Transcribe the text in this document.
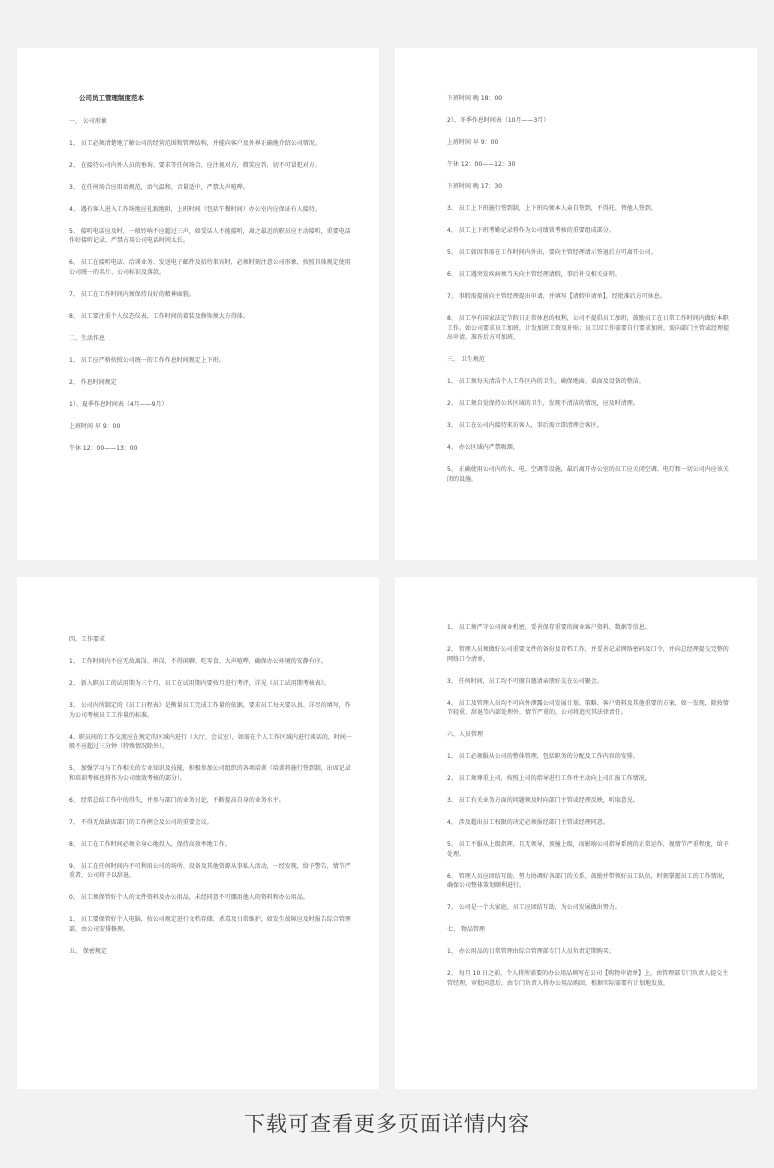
公司员工管理制度范本
一、 公司形象
1、 员工必须清楚地了解公司的经营范围和管理结构，并能向客户及外界正确地介绍公司情况。
2、 在接待公司内外人员的垂询、要求等任何场合，应注视对方，微笑应答，切不可冒犯对方。
3、 在任何场合应用语规范，语气温和，音量适中，严禁大声喧哗。
4、 遇有客人进入工作场地应礼貌地阻，上班时间（包括午餐时间）办公室内应保证有人接待。
5、 接听电话应及时，一般铃响不应超过三声，如受话人不能接听，离之最近的职员应主动接听，重要电话作好接听记录，严禁占用公司电话时间太长。
6、 员工在接听电话、洽谈业务、发送电子邮件及招待来宾时，必须时刻注意公司形象，按照具体规定使用公司统一的名片、公司标识及落款。
7、 员工在工作时间内须保持良好的精神面貌。
8、 员工要注重个人仪态仪表，工作时间的着装及修饰须大方得体。
二、生活作息
1、 员工应严格按照公司统一的工作作息时间规定上下班。
2、 作息时间规定
1）、夏季作息时间表（4月——9月）
上班时间 早 9：00
午休 12：00——13：00
下班时间 晚 18：00
2）、冬季作息时间表（10月——3月）
上班时间 早 9：00
午休 12：00——12：30
下班时间 晚 17：30
3、 员工上下班施行签到制，上下班均须本人亲自签到，不得托、替他人签到。
4、 员工上下班考勤记录将作为公司绩效考核的重要组成部分。
5、 员工如因事需在工作时间内外出，要向主管经理请示签退后方可离开公司。
6、 员工遇突发疾病须当天向主管经理请假，事后补交相关证明。
7、 事假需提前向主管经理提出申请，并填写【请假申请单】，经批准后方可休息。
8、 员工享有国家法定节假日正常休息的权利，公司不提倡员工加班，鼓励员工在日常工作时间内做好本职工作。如公司要求员工加班，计发加班工资及补贴；员工因工作需要自行要求加班，需向部门主管或经理提出申请，准许后方可加班。
三、 卫生规范
1、 员工须每天清洁个人工作区内的卫生，确保地面、桌面及设备的整洁。
2、 员工须自觉保持公共区域的卫生，发现不清洁的情况，应及时清理。
3、 员工在公司内接待来访客人，事后需立即清理会客区。
4、 办公区域内严禁吸烟。
5、 正确使用公司内的水、电、空调等设施，最后离开办公室的员工应关闭空调、电灯和一切公司内应该关闭的设施。
四、工作要求
1、 工作时间内不应无故离岗、串岗，不得闲聊、吃零食、大声喧哗，确保办公环境的安静有序。
2、 新入职员工的试用期为三个月，员工在试用期内要按月进行考评，详见《员工试用期考核表》。
3、 公司内所制定的《员工日程表》是衡量员工完成工作量的依据，要求员工每天要认真、详尽的填写，作为公司考核员工工作量的标准。
4、职员间的工作交流应在规定的区域内进行（大厅、会议室），如需在个人工作区域内进行谈话的，时间一般不应超过三分钟（特殊情况除外）。
5、 加强学习与工作相关的专业知识及技能，积极参加公司组织的各项培训（培训将施行签到制，出席记录和培训考核也将作为公司绩效考核的部分）。
6、 经常总结工作中的得失，并参与部门的业务讨论，不断提高自身的业务水平。
7、 不得无故缺席部门的工作例会及公司的重要会议。
8、 员工在工作时间必须全身心地投入，保持高效率地工作。
9、 员工在任何时间内不可利用公司的场所、设备及其他资源从事私人活动，一经发现，给予警告，情节严重者，公司将予以辞退。
0、 员工须保管好个人的文件资料及办公用品，未经同意不可挪用他人的资料和办公用品。
1、 员工要保管好个人电脑，按公司规定进行文档存储、杀毒及日常维护，如发生故障应及时报告综合管理部，由公司安排修理。
五、 保密规定
1、 员工须严守公司商业机密，妥善保存重要的商业客户资料、数据等信息。
2、 管理人员须做好公司重要文件的备份及存档工作，并妥善记录网络密码及口令，并向总经理提交完整的网络口令清单。
3、 任何时间，员工均不可擅自邀请亲朋好友在公司聚会。
4、 员工及管理人员均不可向外泄露公司发展计划、策略、客户资料及其他重要的方案，如一发现，除按情节轻重、辞退等内部处理外，情节严重的，公司将追究其法律责任。
六、人员管理
1、 员工必须服从公司的整体管理，包括职务的分配及工作内容的安排。
2、 员工须尊重上司，按照上司的指导进行工作并主动向上司汇报工作情况。
3、 员工有关业务方面的问题须及时向部门主管或经理反映，听取意见。
4、 涉及超出员工权限的决定必须报经部门主管或经理同意。
5、 员工不服从上级指挥，且无领导，顶撞上级，而影响公司指导系统的正常运作，视情节严重程度，给予处理。
6、 管理人员应团结互助，努力协调好各部门的关系，鼓励并带领好员工队伍，时刻掌握员工的工作情况，确保公司整体策划顺利进行。
7、 公司是一个大家庭，员工应团结互助，为公司发展做出努力。
七、 物品管理
1、 办公用品的日常管理由综合管理部专门人员负责定期购买；
2、 每月 10 日之前，个人将所需要的办公用品填写在公司【购物申请单】上，由管理部专门负责人提交主管经理，审批同意后，由专门负责人将办公用品购回，根据实际需要有计划地发放。
下载可查看更多页面详情内容
